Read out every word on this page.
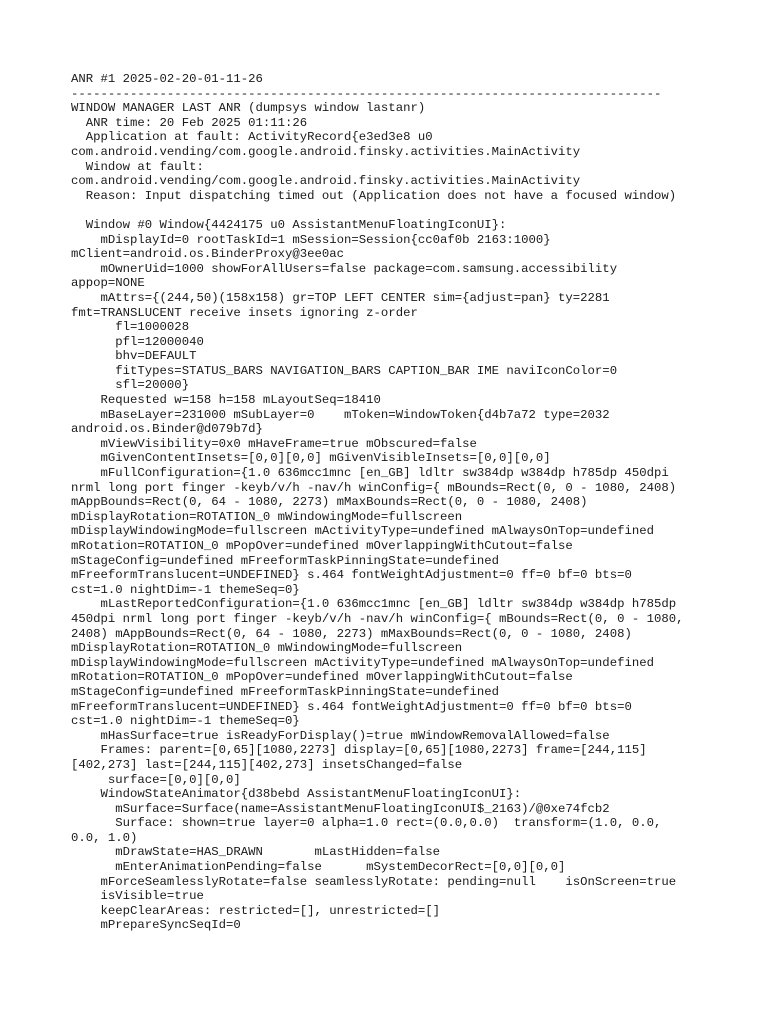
ANR #1 2025-02-20-01-11-26

--------------------------------------------------------------------------------

WINDOW MANAGER LAST ANR (dumpsys window lastanr)

ANR time: 20 Feb 2025 01:11:26

Application at fault: ActivityRecord{e3ed3e8 u0

com.android.vending/com.google.android.finsky.activities.MainActivity

Window at fault:

com.android.vending/com.google.android.finsky.activities.MainActivity

Reason: Input dispatching timed out (Application does not have a focused window)

Window #0 Window{4424175 u0 AssistantMenuFloatingIconUI}:

mDisplayId=0 rootTaskId=1 mSession=Session{cc0af0b 2163:1000}

mClient=android.os.BinderProxy@3ee0ac

mOwnerUid=1000 showForAllUsers=false package=com.samsung.accessibility

appop=NONE

mAttrs={(244,50)(158x158) gr=TOP LEFT CENTER sim={adjust=pan} ty=2281

fmt=TRANSLUCENT receive insets ignoring z-order

fl=1000028

pfl=12000040

bhv=DEFAULT

fitTypes=STATUS_BARS NAVIGATION_BARS CAPTION_BAR IME naviIconColor=0

sfl=20000}

Requested w=158 h=158 mLayoutSeq=18410

mBaseLayer=231000 mSubLayer=0    mToken=WindowToken{d4b7a72 type=2032

android.os.Binder@d079b7d}

mViewVisibility=0x0 mHaveFrame=true mObscured=false

mGivenContentInsets=[0,0][0,0] mGivenVisibleInsets=[0,0][0,0]

mFullConfiguration={1.0 636mcc1mnc [en_GB] ldltr sw384dp w384dp h785dp 450dpi

nrml long port finger -keyb/v/h -nav/h winConfig={ mBounds=Rect(0, 0 - 1080, 2408)

mAppBounds=Rect(0, 64 - 1080, 2273) mMaxBounds=Rect(0, 0 - 1080, 2408)

mDisplayRotation=ROTATION_0 mWindowingMode=fullscreen

mDisplayWindowingMode=fullscreen mActivityType=undefined mAlwaysOnTop=undefined

mRotation=ROTATION_0 mPopOver=undefined mOverlappingWithCutout=false

mStageConfig=undefined mFreeformTaskPinningState=undefined

mFreeformTranslucent=UNDEFINED} s.464 fontWeightAdjustment=0 ff=0 bf=0 bts=0

cst=1.0 nightDim=-1 themeSeq=0}

mLastReportedConfiguration={1.0 636mcc1mnc [en_GB] ldltr sw384dp w384dp h785dp

450dpi nrml long port finger -keyb/v/h -nav/h winConfig={ mBounds=Rect(0, 0 - 1080,

2408) mAppBounds=Rect(0, 64 - 1080, 2273) mMaxBounds=Rect(0, 0 - 1080, 2408)

mDisplayRotation=ROTATION_0 mWindowingMode=fullscreen

mDisplayWindowingMode=fullscreen mActivityType=undefined mAlwaysOnTop=undefined

mRotation=ROTATION_0 mPopOver=undefined mOverlappingWithCutout=false

mStageConfig=undefined mFreeformTaskPinningState=undefined

mFreeformTranslucent=UNDEFINED} s.464 fontWeightAdjustment=0 ff=0 bf=0 bts=0

cst=1.0 nightDim=-1 themeSeq=0}

mHasSurface=true isReadyForDisplay()=true mWindowRemovalAllowed=false

Frames: parent=[0,65][1080,2273] display=[0,65][1080,2273] frame=[244,115]

[402,273] last=[244,115][402,273] insetsChanged=false

surface=[0,0][0,0]

WindowStateAnimator{d38bebd AssistantMenuFloatingIconUI}:

mSurface=Surface(name=AssistantMenuFloatingIconUI$_2163)/@0xe74fcb2

Surface: shown=true layer=0 alpha=1.0 rect=(0.0,0.0)  transform=(1.0, 0.0,

0.0, 1.0)

mDrawState=HAS_DRAWN       mLastHidden=false

mEnterAnimationPending=false      mSystemDecorRect=[0,0][0,0]

mForceSeamlesslyRotate=false seamlesslyRotate: pending=null    isOnScreen=true

isVisible=true

keepClearAreas: restricted=[], unrestricted=[]

mPrepareSyncSeqId=0
